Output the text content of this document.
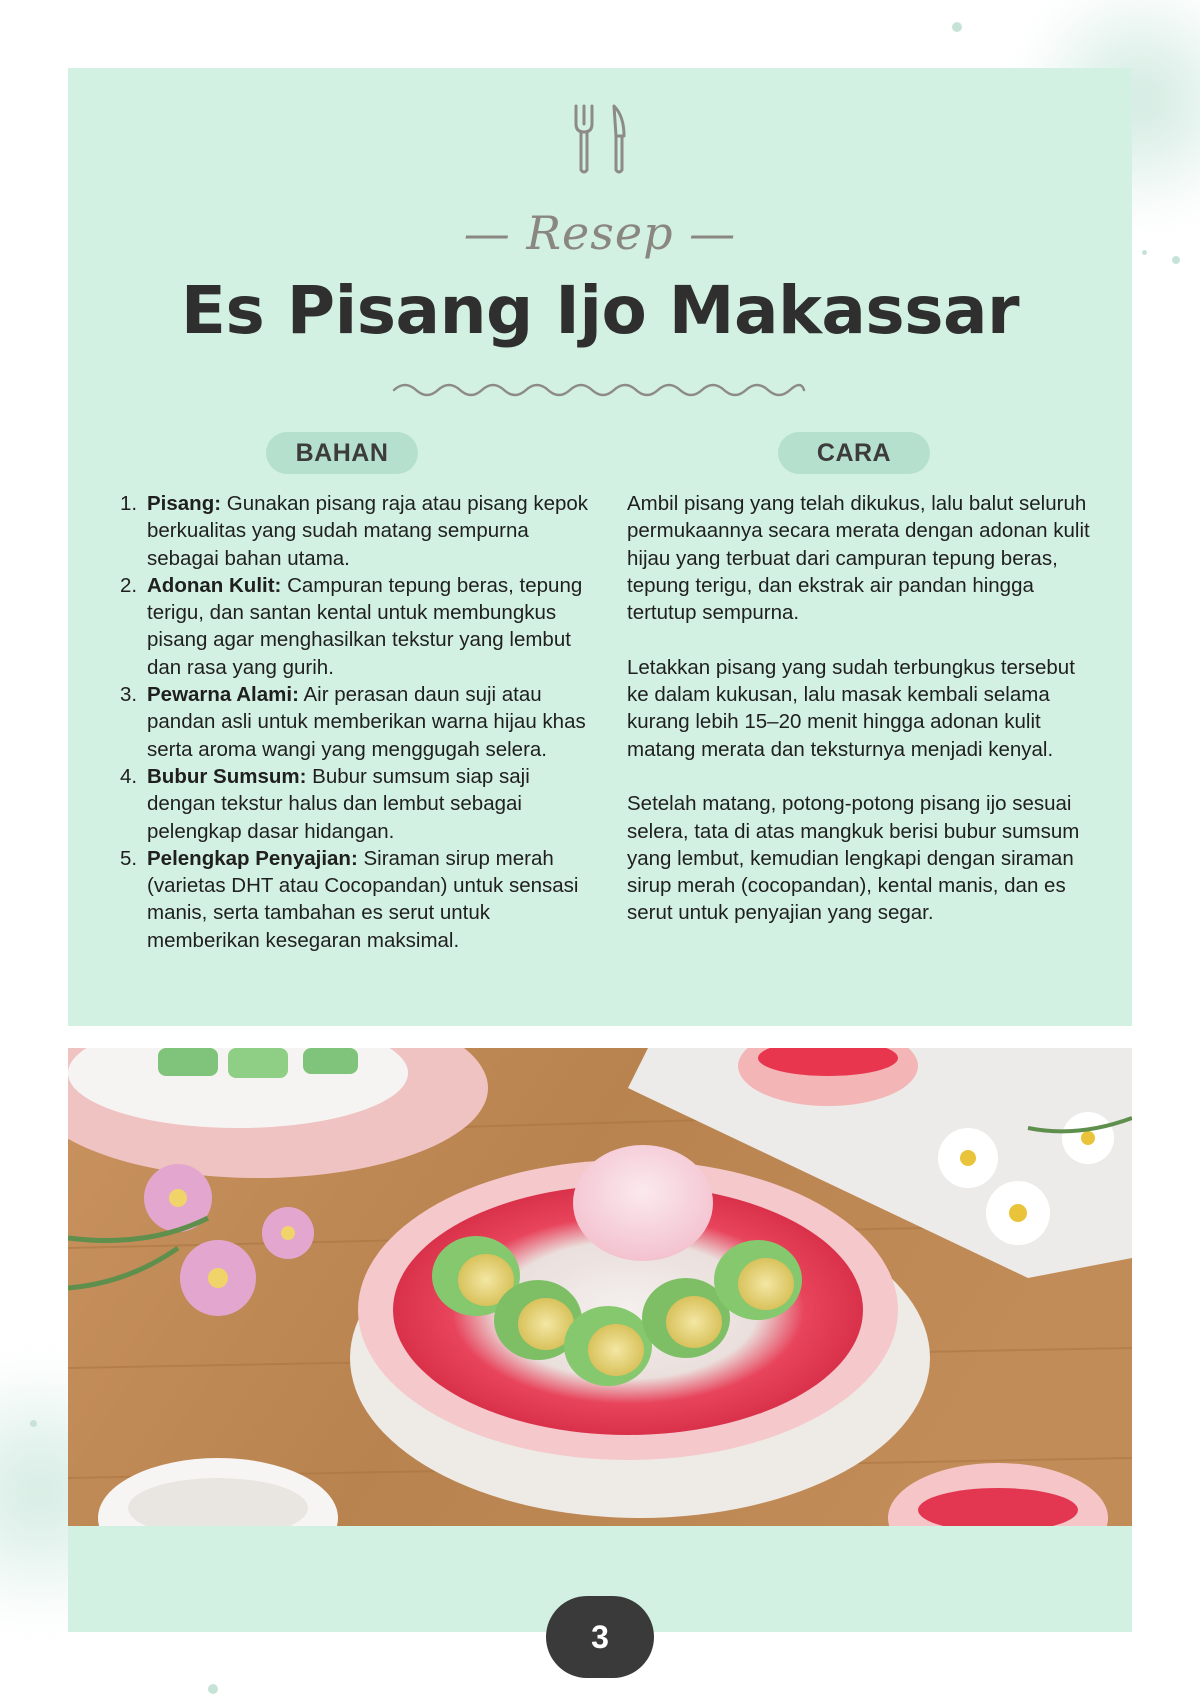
— Resep —
Es Pisang Ijo Makassar
BAHAN	CARA
1. Pisang: Gunakan pisang raja atau pisang kepok berkualitas yang sudah matang sempurna sebagai bahan utama.
2. Adonan Kulit: Campuran tepung beras, tepung terigu, dan santan kental untuk membungkus pisang agar menghasilkan tekstur yang lembut dan rasa yang gurih.
3. Pewarna Alami: Air perasan daun suji atau pandan asli untuk memberikan warna hijau khas serta aroma wangi yang menggugah selera.
4. Bubur Sumsum: Bubur sumsum siap saji dengan tekstur halus dan lembut sebagai pelengkap dasar hidangan.
5. Pelengkap Penyajian: Siraman sirup merah (varietas DHT atau Cocopandan) untuk sensasi manis, serta tambahan es serut untuk memberikan kesegaran maksimal.

Ambil pisang yang telah dikukus, lalu balut seluruh permukaannya secara merata dengan adonan kulit hijau yang terbuat dari campuran tepung beras, tepung terigu, dan ekstrak air pandan hingga tertutup sempurna.

Letakkan pisang yang sudah terbungkus tersebut ke dalam kukusan, lalu masak kembali selama kurang lebih 15–20 menit hingga adonan kulit matang merata dan teksturnya menjadi kenyal.

Setelah matang, potong-potong pisang ijo sesuai selera, tata di atas mangkuk berisi bubur sumsum yang lembut, kemudian lengkapi dengan siraman sirup merah (cocopandan), kental manis, dan es serut untuk penyajian yang segar.

3
